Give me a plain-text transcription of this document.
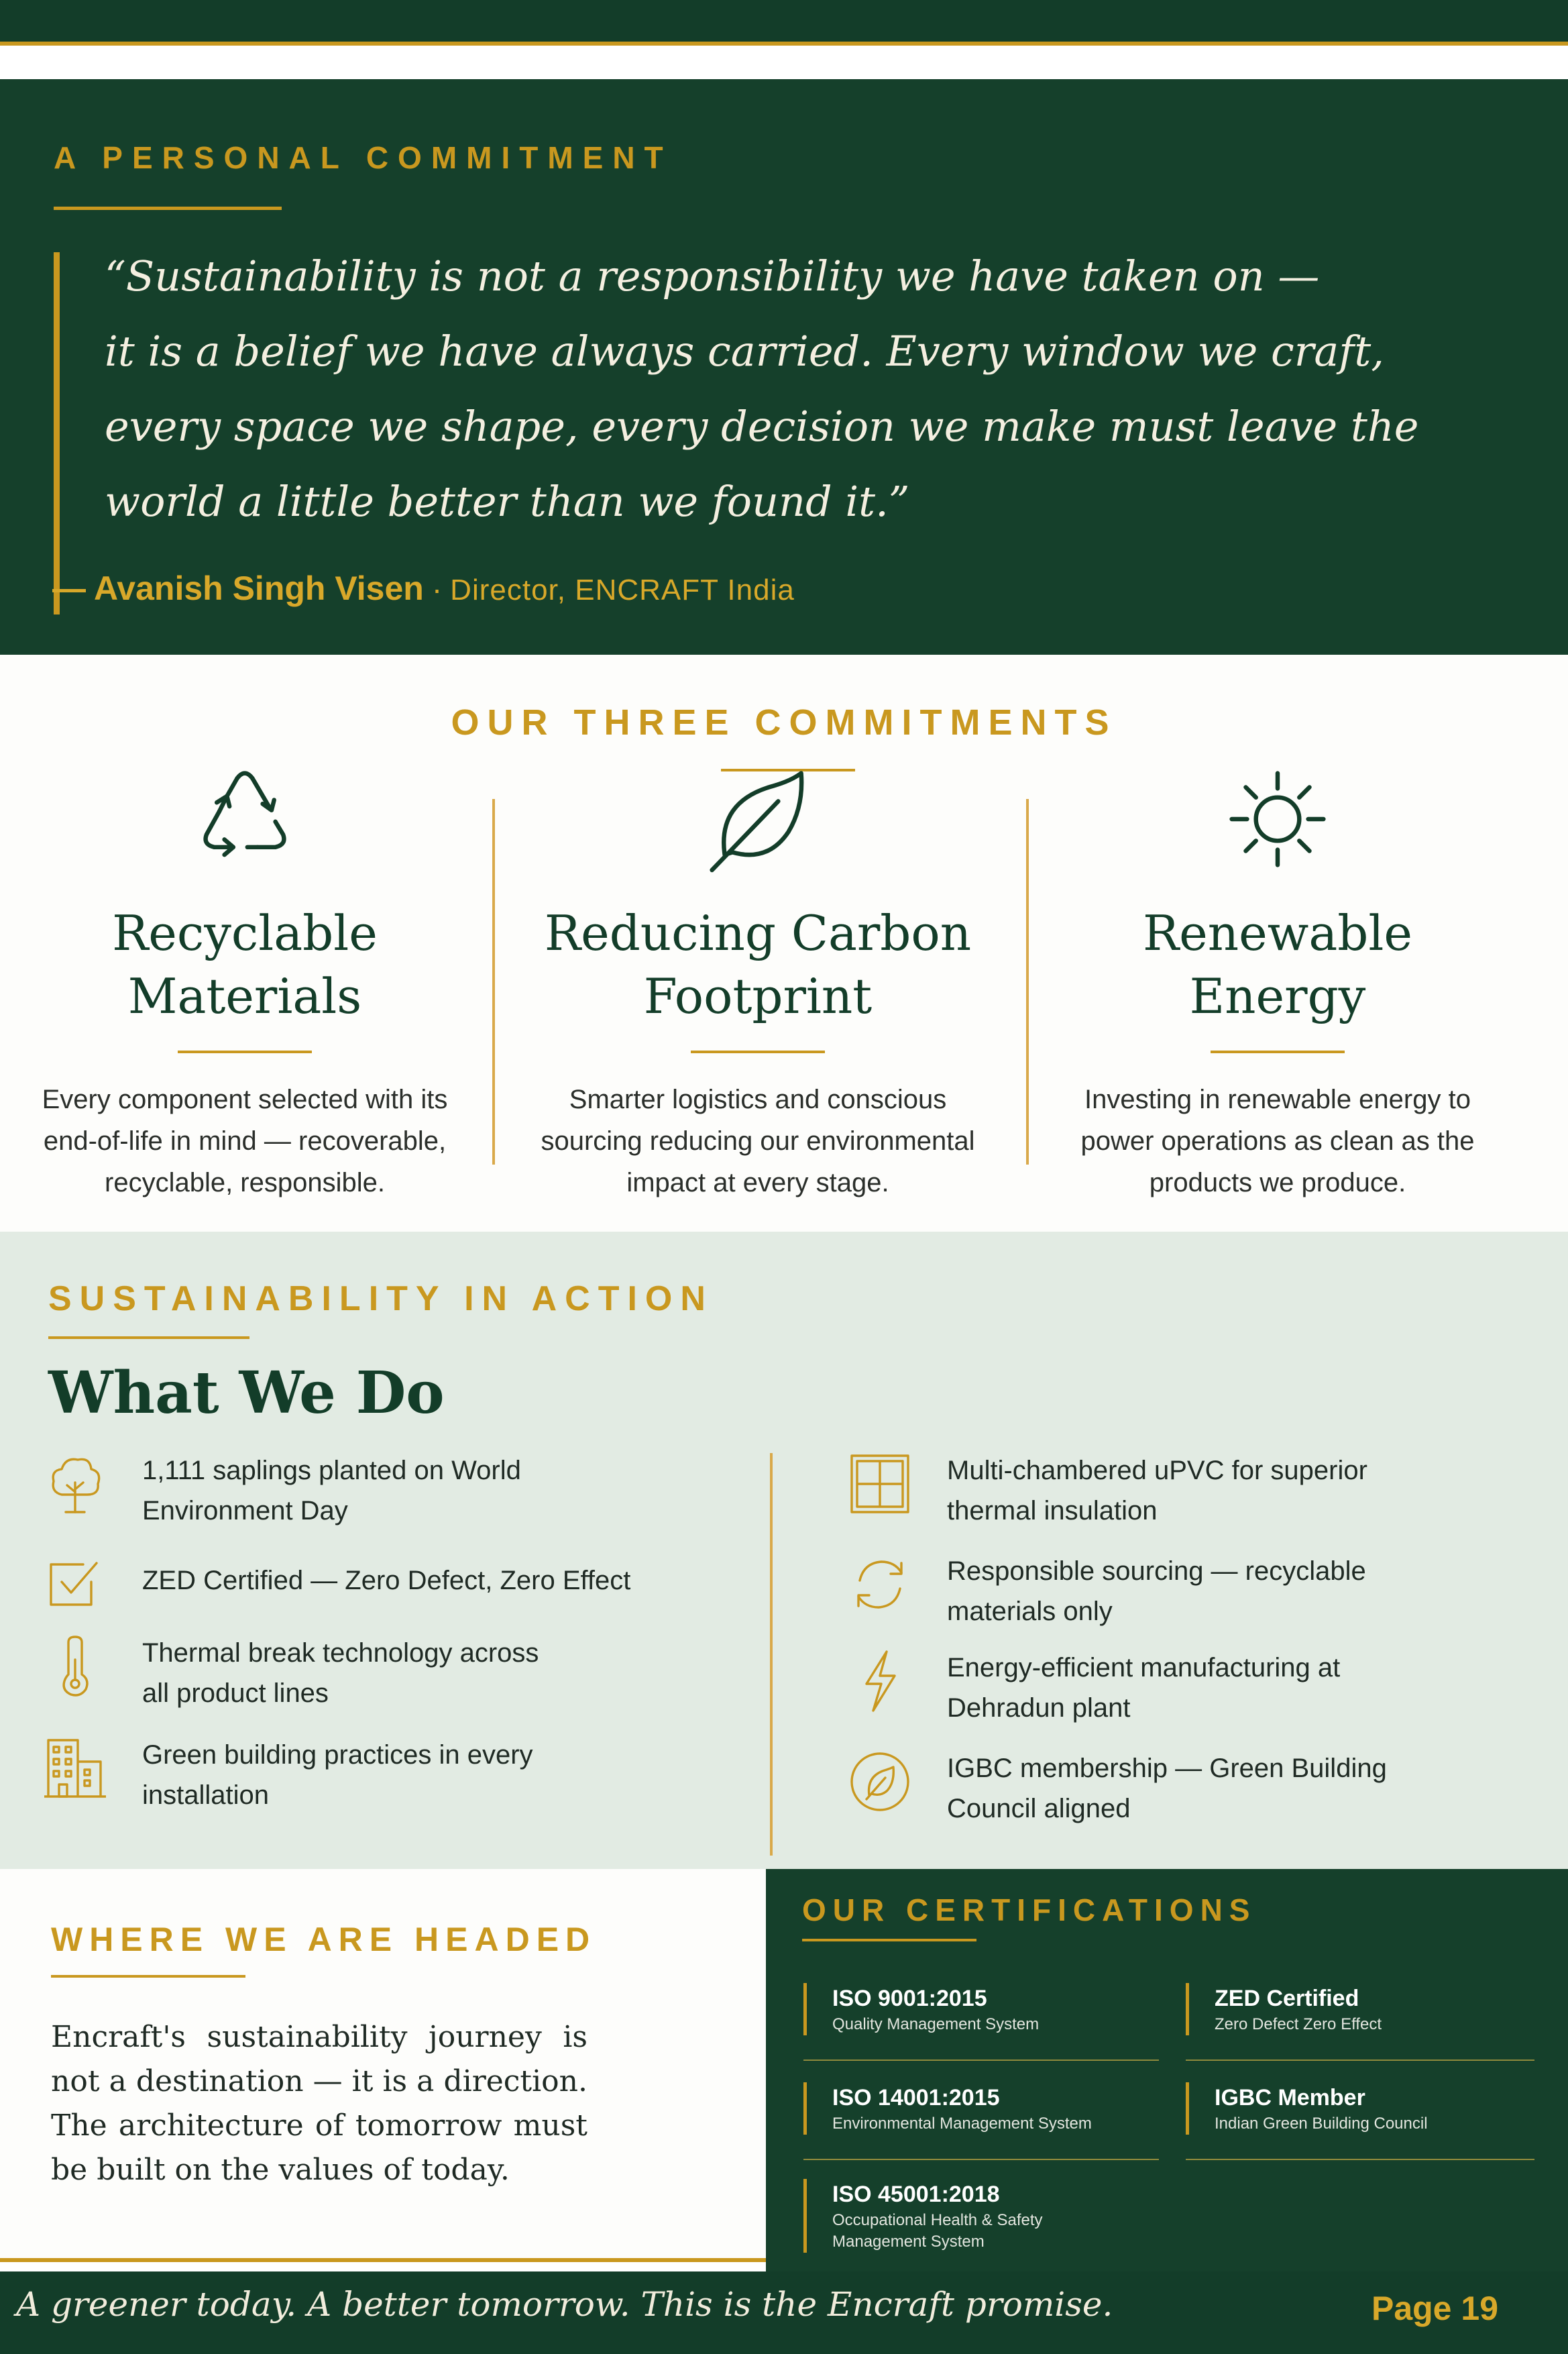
A PERSONAL COMMITMENT
“Sustainability is not a responsibility we have taken on —
it is a belief we have always carried. Every window we craft,
every space we shape, every decision we make must leave the
world a little better than we found it.”
— Avanish Singh Visen · Director, ENCRAFT India
OUR THREE COMMITMENTS
Recyclable
Materials
Every component selected with its
end-of-life in mind — recoverable,
recyclable, responsible.
Reducing Carbon
Footprint
Smarter logistics and conscious
sourcing reducing our environmental
impact at every stage.
Renewable
Energy
Investing in renewable energy to
power operations as clean as the
products we produce.
SUSTAINABILITY IN ACTION
What We Do
1,111 saplings planted on World
Environment Day
ZED Certified — Zero Defect, Zero Effect
Thermal break technology across
all product lines
Green building practices in every
installation
Multi-chambered uPVC for superior
thermal insulation
Responsible sourcing — recyclable
materials only
Energy-efficient manufacturing at
Dehradun plant
IGBC membership — Green Building
Council aligned
WHERE WE ARE HEADED

Encraft's sustainability journey is not a destination — it is a direction. The architecture of tomorrow must be built on the values of today.

OUR CERTIFICATIONS
ISO 9001:2015
Quality Management System
ISO 14001:2015
Environmental Management System
ISO 45001:2018
Occupational Health & Safety
Management System
ZED Certified
Zero Defect Zero Effect
IGBC Member
Indian Green Building Council
A greener today. A better tomorrow. This is the Encraft promise.	Page 19
